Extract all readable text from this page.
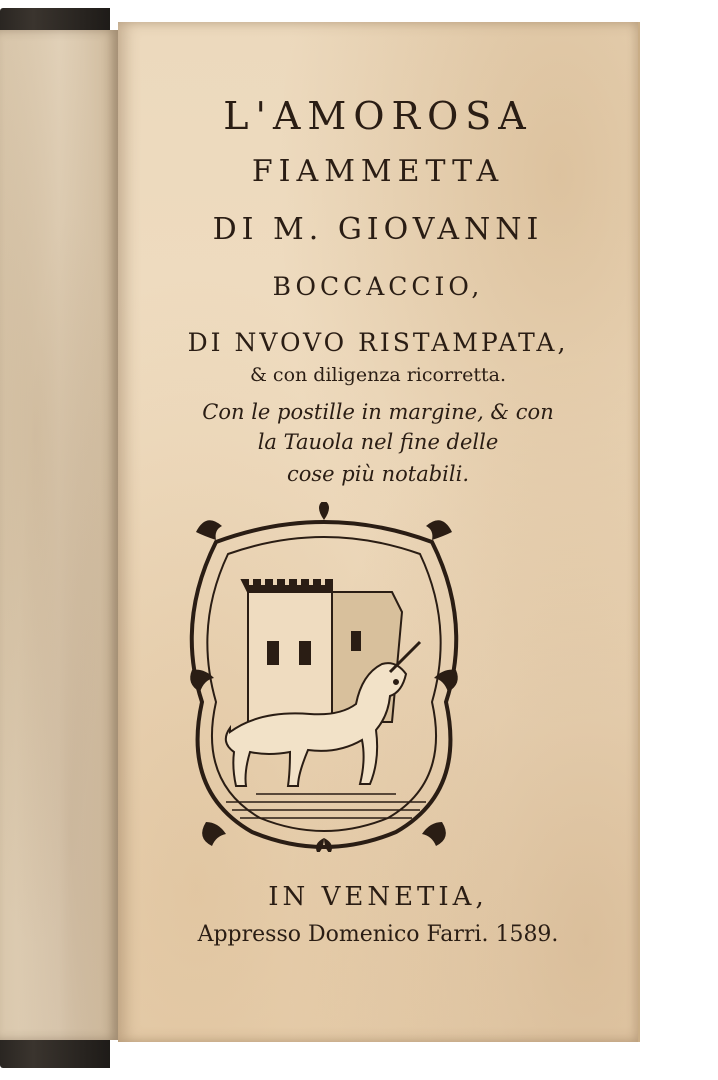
L'AMOROSA
FIAMMETTA
DI M. GIOVANNI
BOCCACCIO,
DI NVOVO RISTAMPATA,
& con diligenza ricorretta.
Con le postille in margine, & con
la Tauola nel fine delle
cose più notabili.
IN VENETIA,
Appresso Domenico Farri. 1589.
